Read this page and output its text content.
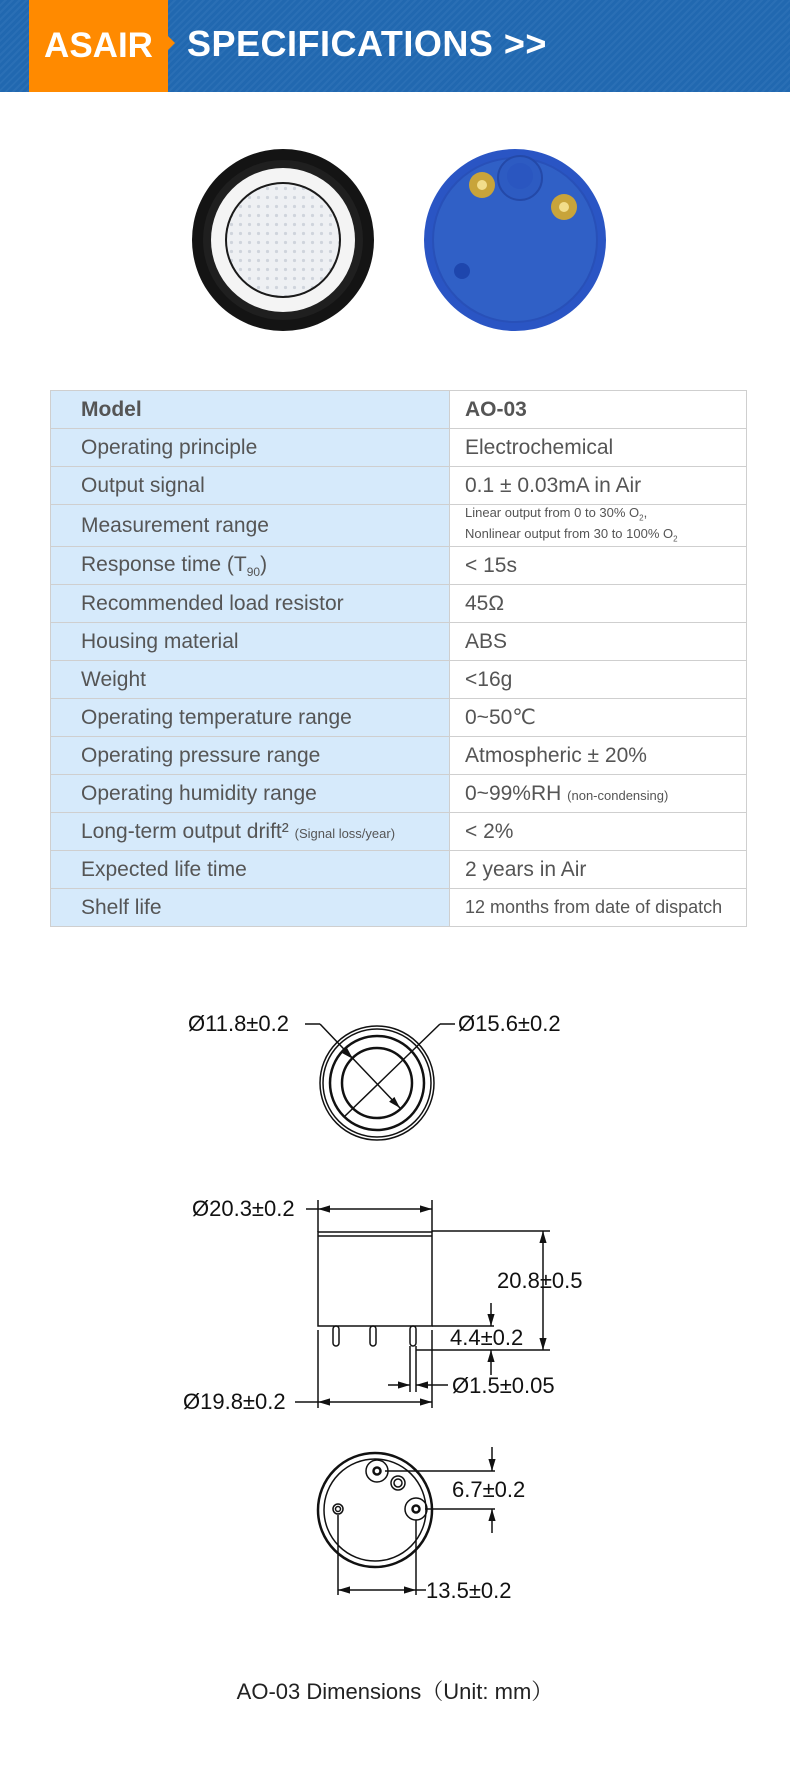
ASAIR SPECIFICATIONS >>
Model	AO-03
Operating principle	Electrochemical
Output signal	0.1 ± 0.03mA in Air
Measurement range	Linear output from 0 to 30% $O_2$,
Nonlinear output from 30 to 100% $O_2$

Response time $(T_{90})$	< 15s
Recommended load resistor	45Ω
Housing material	ABS
Weight	<16g
Operating temperature range	0~50℃
Operating pressure range	Atmospheric ± 20%
Operating humidity range	0~99%RH (non-condensing)
Long-term output drift² (Signal loss/year)	< 2%
Expected life time	2 years in Air
Shelf life	12 months from date of dispatch
Ø11.8±0.2	Ø15.6±0.2
Ø20.3±0.2
20.8±0.5
4.4±0.2
Ø1.5±0.05
Ø19.8±0.2
6.7±0.2
13.5±0.2
AO-03 Dimensions（Unit: mm）
